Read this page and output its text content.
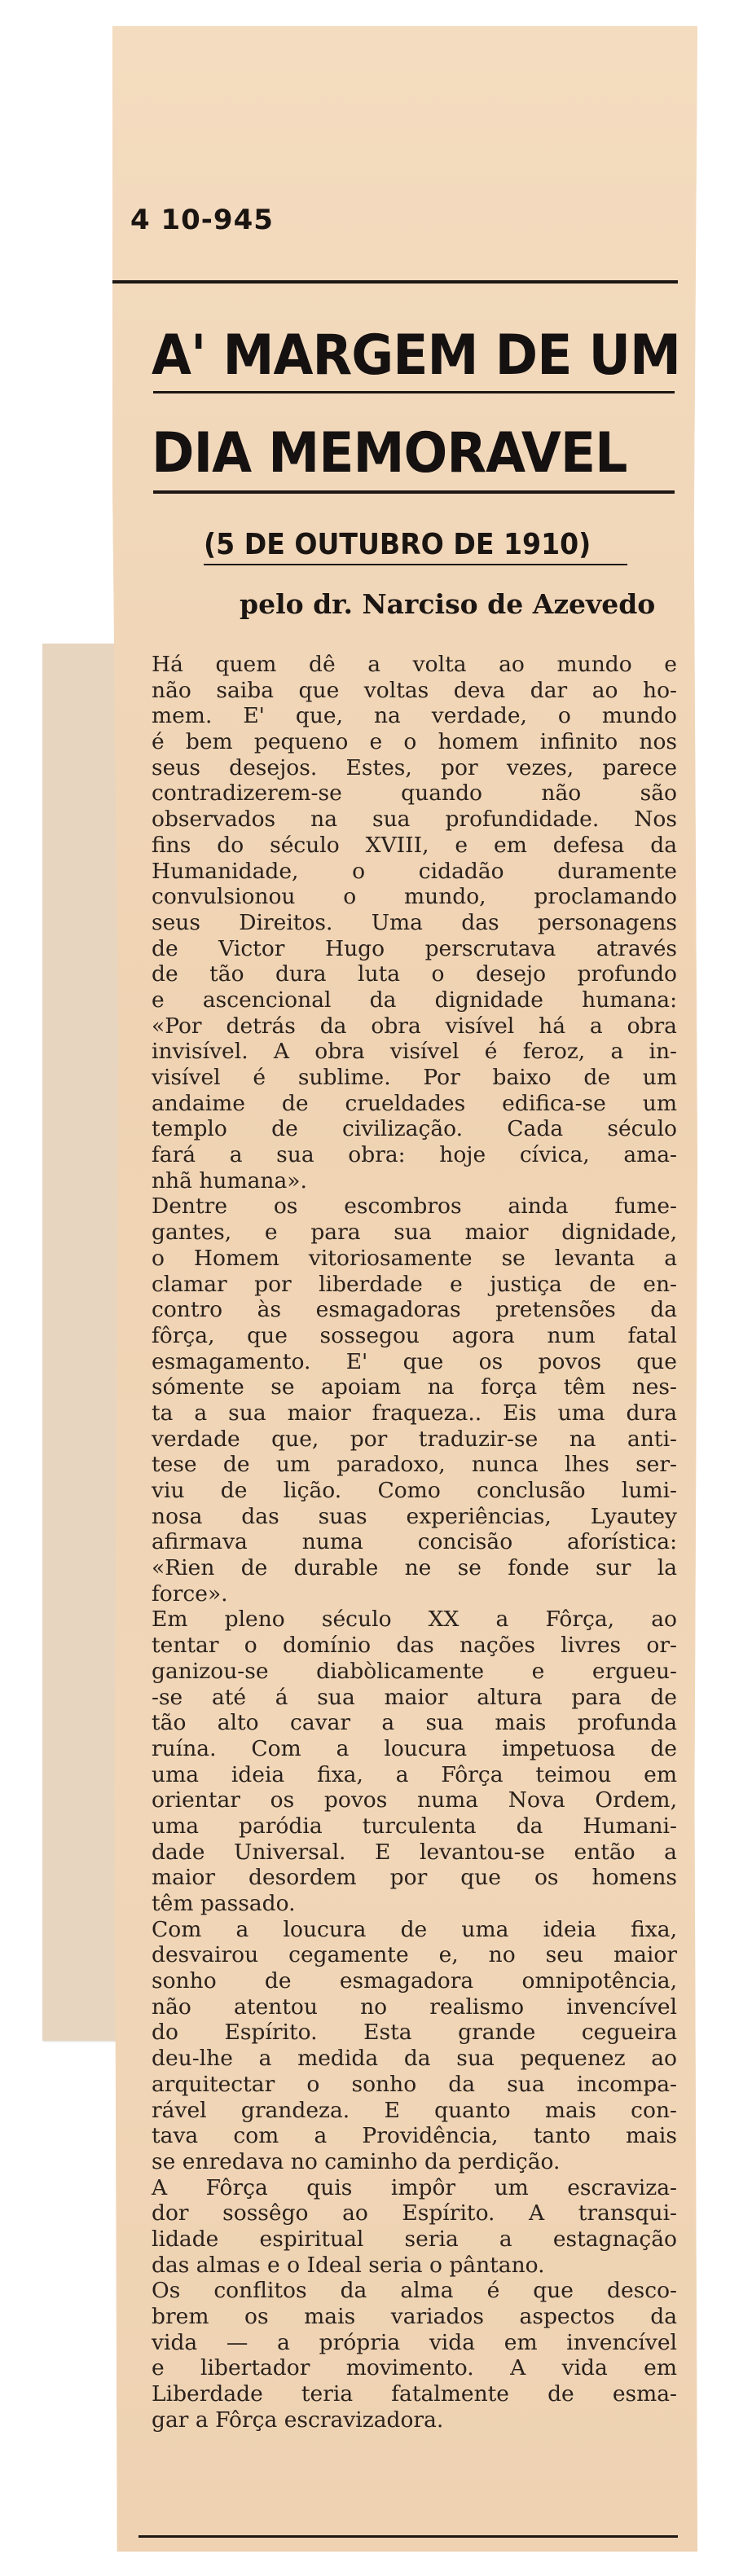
4 10-945
A' MARGEM DE UM
DIA MEMORAVEL
(5 DE OUTUBRO DE 1910)
pelo dr. Narciso de Azevedo
Há quem dê a volta ao mundo e
não saiba que voltas deva dar ao ho-
mem. E' que, na verdade, o mundo
é bem pequeno e o homem infinito nos
seus desejos. Estes, por vezes, parece
contradizerem-se quando não são
observados na sua profundidade. Nos
fins do século XVIII, e em defesa da
Humanidade, o cidadão duramente
convulsionou o mundo, proclamando
seus Direitos. Uma das personagens
de Victor Hugo perscrutava através
de tão dura luta o desejo profundo
e ascencional da dignidade humana:
«Por detrás da obra visível há a obra
invisível. A obra visível é feroz, a in-
visível é sublime. Por baixo de um
andaime de crueldades edifica-se um
templo de civilização. Cada século
fará a sua obra: hoje cívica, ama-
nhã humana».
Dentre os escombros ainda fume-
gantes, e para sua maior dignidade,
o Homem vitoriosamente se levanta a
clamar por liberdade e justiça de en-
contro às esmagadoras pretensões da
fôrça, que sossegou agora num fatal
esmagamento. E' que os povos que
sómente se apoiam na força têm nes-
ta a sua maior fraqueza.. Eis uma dura
verdade que, por traduzir-se na anti-
tese de um paradoxo, nunca lhes ser-
viu de lição. Como conclusão lumi-
nosa das suas experiências, Lyautey
afirmava numa concisão aforística:
«Rien de durable ne se fonde sur la
force».
Em pleno século XX a Fôrça, ao
tentar o domínio das nações livres or-
ganizou-se diabòlicamente e ergueu-
-se até á sua maior altura para de
tão alto cavar a sua mais profunda
ruína. Com a loucura impetuosa de
uma ideia fixa, a Fôrça teimou em
orientar os povos numa Nova Ordem,
uma paródia turculenta da Humani-
dade Universal. E levantou-se então a
maior desordem por que os homens
têm passado.
Com a loucura de uma ideia fixa,
desvairou cegamente e, no seu maior
sonho de esmagadora omnipotência,
não atentou no realismo invencível
do Espírito. Esta grande cegueira
deu-lhe a medida da sua pequenez ao
arquitectar o sonho da sua incompa-
rável grandeza. E quanto mais con-
tava com a Providência, tanto mais
se enredava no caminho da perdição.
A Fôrça quis impôr um escraviza-
dor sossêgo ao Espírito. A transqui-
lidade espiritual seria a estagnação
das almas e o Ideal seria o pântano.
Os conflitos da alma é que desco-
brem os mais variados aspectos da
vida — a própria vida em invencível
e libertador movimento. A vida em
Liberdade teria fatalmente de esma-
gar a Fôrça escravizadora.
